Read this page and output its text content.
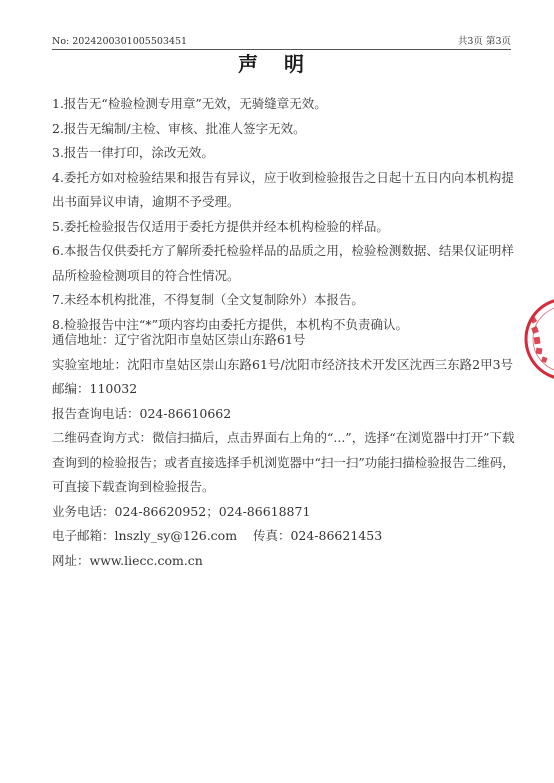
No: 2024200301005503451	共3页 第3页
声明

1.报告无“检验检测专用章”无效，无骑缝章无效。

2.报告无编制/主检、审核、批准人签字无效。

3.报告一律打印，涂改无效。

4.委托方如对检验结果和报告有异议，应于收到检验报告之日起十五日内向本机构提出书面异议申请，逾期不予受理。

5.委托检验报告仅适用于委托方提供并经本机构检验的样品。

6.本报告仅供委托方了解所委托检验样品的品质之用，检验检测数据、结果仅证明样品所检验检测项目的符合性情况。

7.未经本机构批准，不得复制（全文复制除外）本报告。

8.检验报告中注“*”项内容均由委托方提供，本机构不负责确认。

通信地址：辽宁省沈阳市皇姑区崇山东路61号

实验室地址：沈阳市皇姑区崇山东路61号/沈阳市经济技术开发区沈西三东路2甲3号

邮编：110032

报告查询电话：024-86610662

二维码查询方式：微信扫描后，点击界面右上角的“...”，选择“在浏览器中打开”下载查询到的检验报告；或者直接选择手机浏览器中“扫一扫”功能扫描检验报告二维码，可直接下载查询到检验报告。

业务电话：024-86620952；024-86618871

电子邮箱：lnszly_sy@126.com    传真：024-86621453

网址：www.liecc.com.cn
